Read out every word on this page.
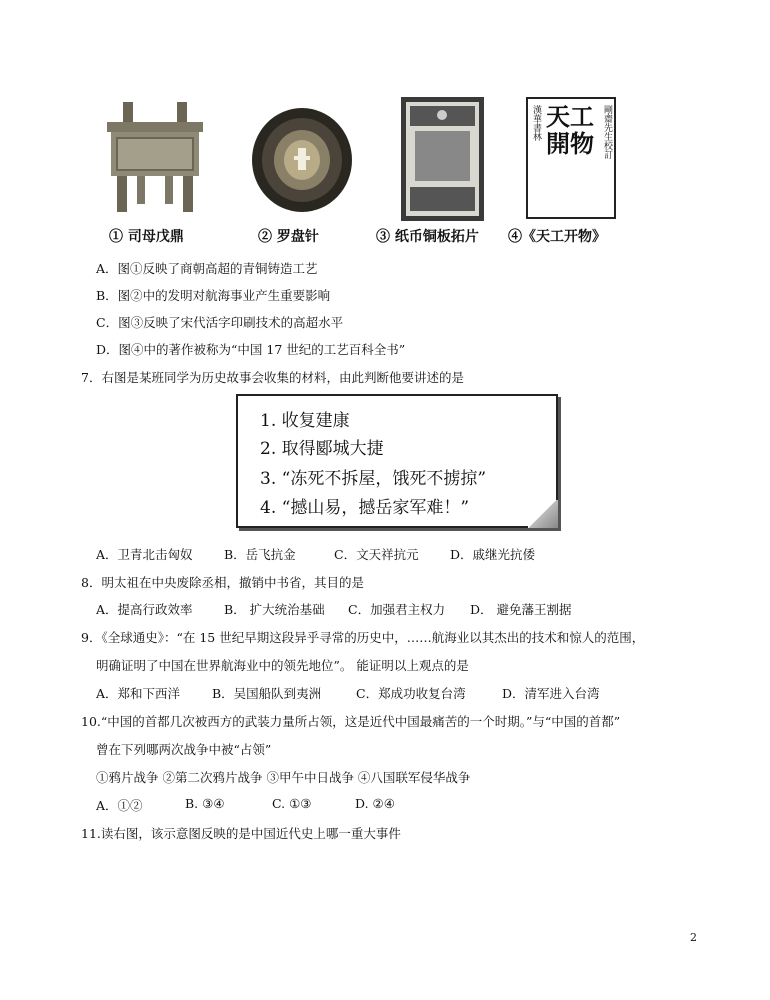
漢華書林 天工開物 剛齋先生校訂
① 司母戊鼎	② 罗盘针	③ 纸币铜板拓片 ④《天工开物》
A．图①反映了商朝高超的青铜铸造工艺
B．图②中的发明对航海事业产生重要影响
C．图③反映了宋代活字印刷技术的高超水平
D．图④中的著作被称为“中国 17 世纪的工艺百科全书”
7．右图是某班同学为历史故事会收集的材料，由此判断他要讲述的是
1. 收复建康
2. 取得郾城大捷
3. “冻死不拆屋，饿死不掳掠”
4. “撼山易，撼岳家军难！”
A．卫青北击匈奴	B．岳飞抗金	C．文天祥抗元	D．戚继光抗倭
8．明太祖在中央废除丞相，撤销中书省，其目的是
A．提高行政效率	B． 扩大统治基础 C．加强君主权力 D． 避免藩王割据
9．《全球通史》：“在 15 世纪早期这段异乎寻常的历史中，……航海业以其杰出的技术和惊人的范围，
明确证明了中国在世界航海业中的领先地位”。 能证明以上观点的是
A．郑和下西洋	B．吴国船队到夷洲	C．郑成功收复台湾	D．清军进入台湾
10.“中国的首都几次被西方的武装力量所占领，这是近代中国最痛苦的一个时期。”与“中国的首都”
曾在下列哪两次战争中被“占领”
①鸦片战争 ②第二次鸦片战争 ③甲午中日战争 ④八国联军侵华战争
A．①②	B. ③④	C. ①③	D. ②④
11.读右图，该示意图反映的是中国近代史上哪一重大事件
2
